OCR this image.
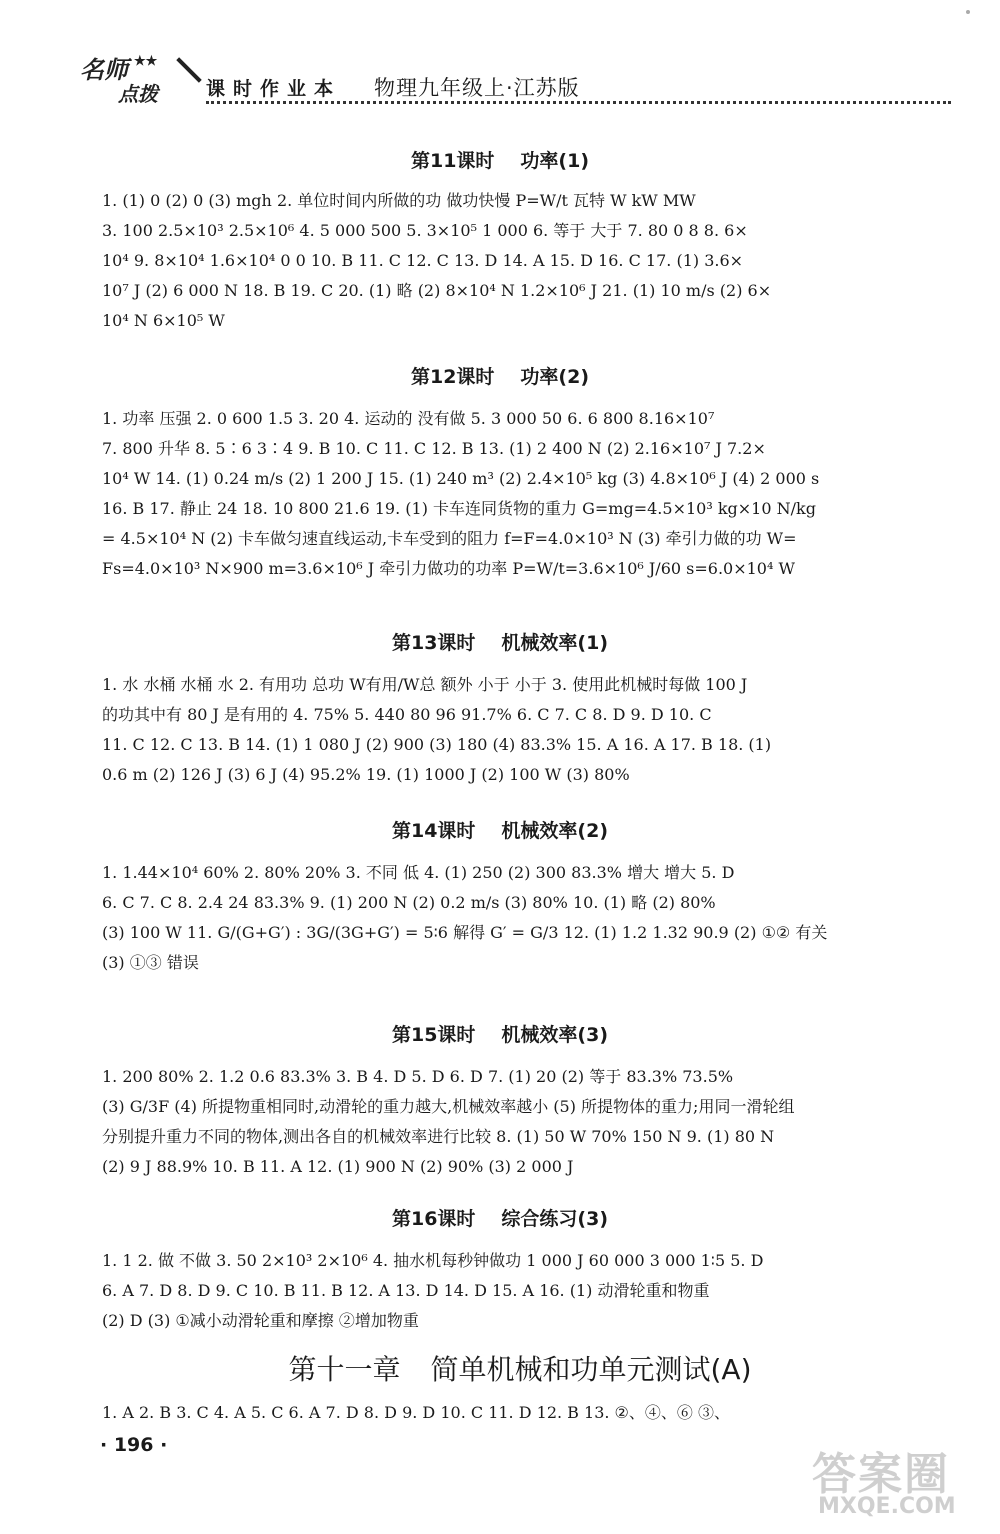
名师 ★★
点拨	课时作业本 物理九年级上·江苏版
第11课时 功率(1)
1. (1) 0 (2) 0 (3) mgh 2. 单位时间内所做的功 做功快慢 P=W/t 瓦特 W kW MW
3. 100 2.5×10³ 2.5×10⁶ 4. 5 000 500 5. 3×10⁵ 1 000 6. 等于 大于 7. 80 0 8 8. 6×
10⁴ 9. 8×10⁴ 1.6×10⁴ 0 0 10. B 11. C 12. C 13. D 14. A 15. D 16. C 17. (1) 3.6×
10⁷ J (2) 6 000 N 18. B 19. C 20. (1) 略 (2) 8×10⁴ N 1.2×10⁶ J 21. (1) 10 m/s (2) 6×
10⁴ N 6×10⁵ W
第12课时 功率(2)
1. 功率 压强 2. 0 600 1.5 3. 20 4. 运动的 没有做 5. 3 000 50 6. 6 800 8.16×10⁷
7. 800 升华 8. 5∶6 3∶4 9. B 10. C 11. C 12. B 13. (1) 2 400 N (2) 2.16×10⁷ J 7.2×
10⁴ W 14. (1) 0.24 m/s (2) 1 200 J 15. (1) 240 m³ (2) 2.4×10⁵ kg (3) 4.8×10⁶ J (4) 2 000 s
16. B 17. 静止 24 18. 10 800 21.6 19. (1) 卡车连同货物的重力 G=mg=4.5×10³ kg×10 N/kg
= 4.5×10⁴ N (2) 卡车做匀速直线运动,卡车受到的阻力 f=F=4.0×10³ N (3) 牵引力做的功 W=
Fs=4.0×10³ N×900 m=3.6×10⁶ J 牵引力做功的功率 P=W/t=3.6×10⁶ J/60 s=6.0×10⁴ W
第13课时 机械效率(1)
1. 水 水桶 水桶 水 2. 有用功 总功 W有用/W总 额外 小于 小于 3. 使用此机械时每做 100 J
的功其中有 80 J 是有用的 4. 75% 5. 440 80 96 91.7% 6. C 7. C 8. D 9. D 10. C
11. C 12. C 13. B 14. (1) 1 080 J (2) 900 (3) 180 (4) 83.3% 15. A 16. A 17. B 18. (1)
0.6 m (2) 126 J (3) 6 J (4) 95.2% 19. (1) 1000 J (2) 100 W (3) 80%
第14课时 机械效率(2)
1. 1.44×10⁴ 60% 2. 80% 20% 3. 不同 低 4. (1) 250 (2) 300 83.3% 增大 增大 5. D
6. C 7. C 8. 2.4 24 83.3% 9. (1) 200 N (2) 0.2 m/s (3) 80% 10. (1) 略 (2) 80%
(3) 100 W 11. G/(G+G′) : 3G/(3G+G′) = 5∶6 解得 G′ = G/3 12. (1) 1.2 1.32 90.9 (2) ①② 有关
(3) ①③ 错误
第15课时 机械效率(3)
1. 200 80% 2. 1.2 0.6 83.3% 3. B 4. D 5. D 6. D 7. (1) 20 (2) 等于 83.3% 73.5%
(3) G/3F (4) 所提物重相同时,动滑轮的重力越大,机械效率越小 (5) 所提物体的重力;用同一滑轮组
分别提升重力不同的物体,测出各自的机械效率进行比较 8. (1) 50 W 70% 150 N 9. (1) 80 N
(2) 9 J 88.9% 10. B 11. A 12. (1) 900 N (2) 90% (3) 2 000 J
第16课时 综合练习(3)
1. 1 2. 做 不做 3. 50 2×10³ 2×10⁶ 4. 抽水机每秒钟做功 1 000 J 60 000 3 000 1∶5 5. D
6. A 7. D 8. D 9. C 10. B 11. B 12. A 13. D 14. D 15. A 16. (1) 动滑轮重和物重
(2) D (3) ①减小动滑轮重和摩擦 ②增加物重
第十一章 简单机械和功单元测试(A)
1. A 2. B 3. C 4. A 5. C 6. A 7. D 8. D 9. D 10. C 11. D 12. B 13. ②、④、⑥ ③、
· 196 ·
答案圈
MXQE.COM
